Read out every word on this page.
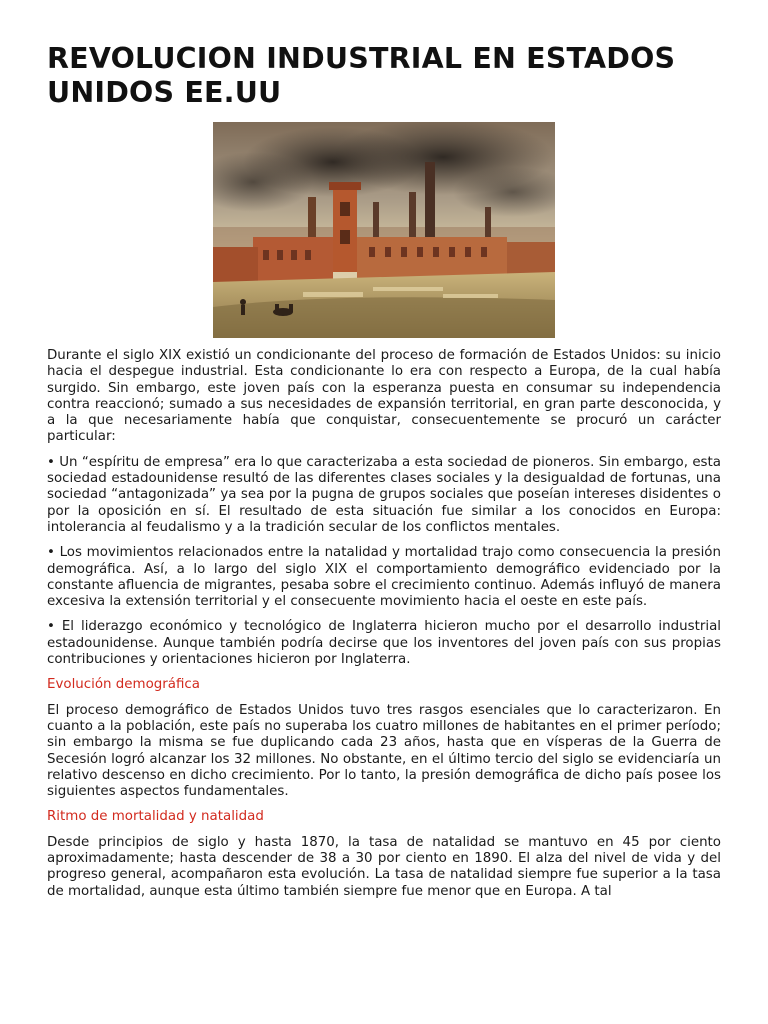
REVOLUCION INDUSTRIAL EN ESTADOS UNIDOS EE.UU

Durante el siglo XIX existió un condicionante del proceso de formación de Estados Unidos: su inicio hacia el despegue industrial. Esta condicionante lo era con respecto a Europa, de la cual había surgido. Sin embargo, este joven país con la esperanza puesta en consumar su independencia contra reaccionó; sumado a sus necesidades de expansión territorial, en gran parte desconocida, y a la que necesariamente había que conquistar, consecuentemente se procuró un carácter particular:

• Un “espíritu de empresa” era lo que caracterizaba a esta sociedad de pioneros. Sin embargo, esta sociedad estadounidense resultó de las diferentes clases sociales y la desigualdad de fortunas, una sociedad “antagonizada” ya sea por la pugna de grupos sociales que poseían intereses disidentes o por la oposición en sí. El resultado de esta situación fue similar a los conocidos en Europa: intolerancia al feudalismo y a la tradición secular de los conflictos mentales.

• Los movimientos relacionados entre la natalidad y mortalidad trajo como consecuencia la presión demográfica. Así, a lo largo del siglo XIX el comportamiento demográfico evidenciado por la constante afluencia de migrantes, pesaba sobre el crecimiento continuo. Además influyó de manera excesiva la extensión territorial y el consecuente movimiento hacia el oeste en este país.

• El liderazgo económico y tecnológico de Inglaterra hicieron mucho por el desarrollo industrial estadounidense. Aunque también podría decirse que los inventores del joven país con sus propias contribuciones y orientaciones hicieron por Inglaterra.

Evolución demográfica

El proceso demográfico de Estados Unidos tuvo tres rasgos esenciales que lo caracterizaron. En cuanto a la población, este país no superaba los cuatro millones de habitantes en el primer período; sin embargo la misma se fue duplicando cada 23 años, hasta que en vísperas de la Guerra de Secesión logró alcanzar los 32 millones. No obstante, en el último tercio del siglo se evidenciaría un relativo descenso en dicho crecimiento. Por lo tanto, la presión demográfica de dicho país posee los siguientes aspectos fundamentales.

Ritmo de mortalidad y natalidad

Desde principios de siglo y hasta 1870, la tasa de natalidad se mantuvo en 45 por ciento aproximadamente; hasta descender de 38 a 30 por ciento en 1890. El alza del nivel de vida y del progreso general, acompañaron esta evolución. La tasa de natalidad siempre fue superior a la tasa de mortalidad, aunque esta último también siempre fue menor que en Europa. A tal
